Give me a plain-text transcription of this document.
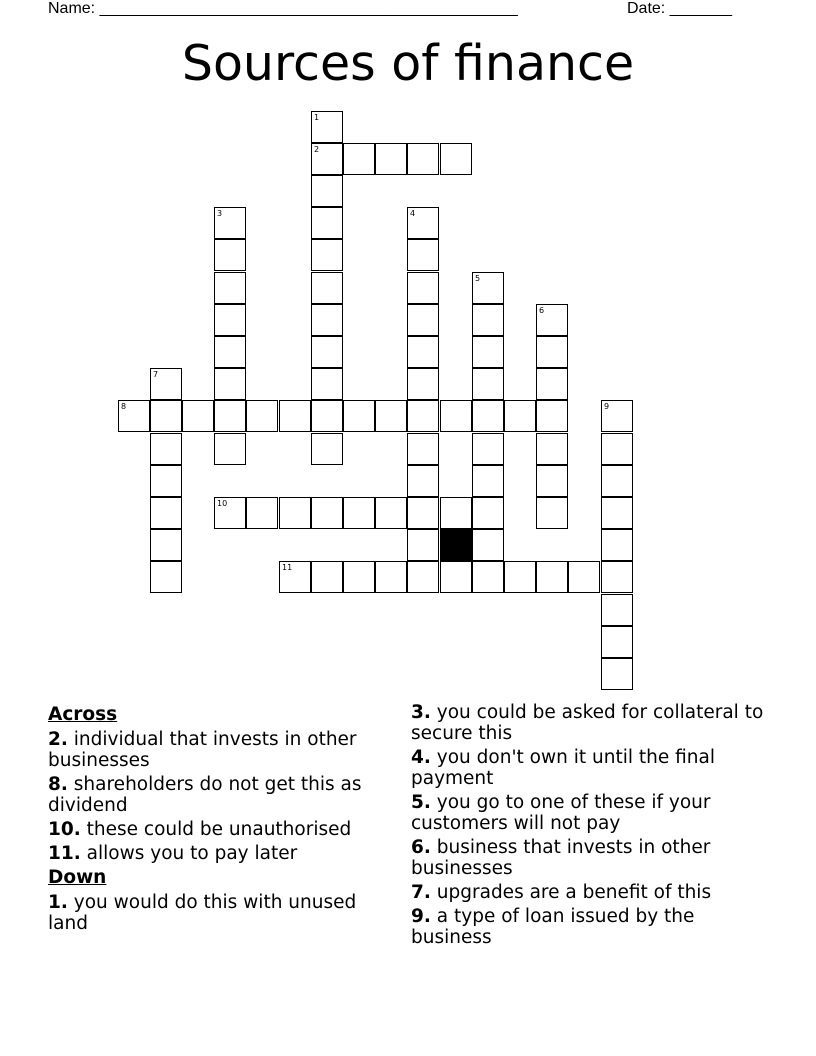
Name: _______________________________________________	Date: _______
Sources of finance
1
2
3	4
5
6
7
8	9
10
11
Across
2. individual that invests in other businesses
8. shareholders do not get this as dividend
10. these could be unauthorised
11. allows you to pay later
Down
1. you would do this with unused land
3. you could be asked for collateral to secure this
4. you don't own it until the final payment
5. you go to one of these if your customers will not pay
6. business that invests in other businesses
7. upgrades are a benefit of this
9. a type of loan issued by the business
